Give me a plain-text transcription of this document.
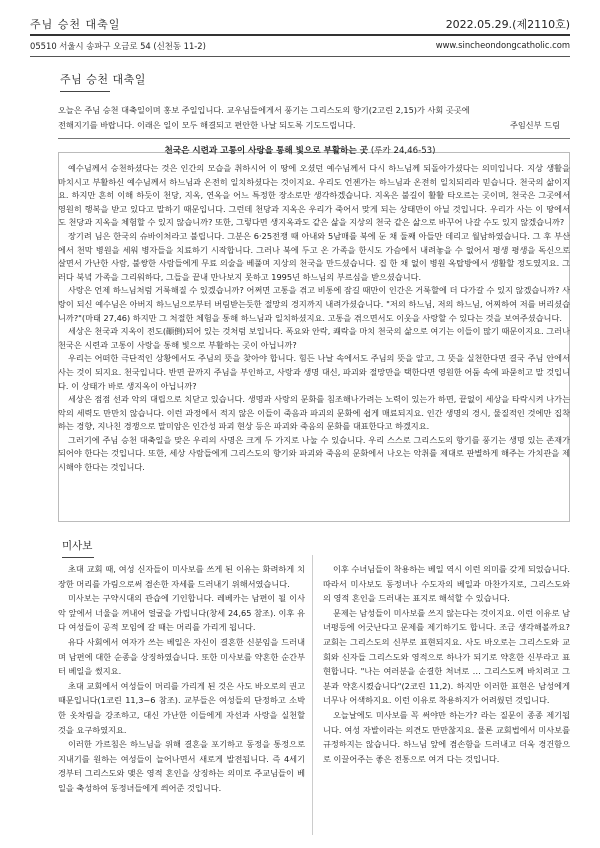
주님 승천 대축일	2022.05.29.(제2110호)
05510 서울시 송파구 오금로 54 (신천동 11-2)	www.sincheondongcatholic.com
주님 승천 대축일
오늘은 주님 승천 대축일이며 홍보 주일입니다. 교우님들에게서 풍기는 그리스도의 향기(2고린 2,15)가 사회 곳곳에
전해지기를 바랍니다. 이래은 일이 모두 해결되고 편안한 나날 되도록 기도드립니다.	주임신부 드림
천국은 시련과 고통이 사랑을 통해 빛으로 부활하는 곳 (루카 24,46-53)

예수님께서 승천하셨다는 것은 인간의 모습을 취하시어 이 땅에 오셨던 예수님께서 다시 하느님께 되돌아가셨다는 의미입니다. 지상 생활을 마치시고 부활하신 예수님께서 하느님과 온전히 일치하셨다는 것이지요. 우리도 언젠가는 하느님과 온전히 일치되리라 믿습니다. 천국의 삶이지요. 하지만 흔히 이해 하듯이 천당, 지옥, 연옥을 어느 특정한 장소로만 생각하겠습니다. 지옥은 불길이 활활 타오르는 곳이며, 천국은 그곳에서 영원히 행복을 받고 있다고 말하기 때문입니다. 그런데 천당과 지옥은 우리가 죽어서 맞게 되는 상태만이 아닐 것입니다. 우리가 사는 이 땅에서도 천당과 지옥을 체험할 수 있지 않습니까? 또한, 그렇다면 생지옥과도 같은 삶을 지상의 천국 같은 삶으로 바꾸어 나갈 수도 있지 않겠습니까?

장기려 님은 한국의 슈바이처라고 불립니다. 그분은 6·25전쟁 때 아내와 5남매를 북에 둔 채 둘째 아들만 데리고 월남하였습니다. 그 후 부산에서 천막 병원을 세워 병자들을 치료하기 시작합니다. 그러나 북에 두고 온 가족을 한시도 가슴에서 내려놓을 수 없어서 평생 평생을 독신으로 살면서 가난한 사람, 불쌍한 사람들에게 무료 의술을 베풀며 지상의 천국을 만드셨습니다. 집 한 채 없이 병원 옥탑방에서 생활할 정도였지요. 그러다 북녘 가족을 그리워하다, 그들을 끝내 만나보지 못하고 1995년 하느님의 부르심을 받으셨습니다.

사랑은 언제 하느님처럼 거룩해질 수 있겠습니까? 어쩌면 고통을 겪고 비통에 잠길 때만이 인간은 거룩할에 더 다가갈 수 있지 않겠습니까? 사랑이 되신 예수님은 아버지 하느님으로부터 버림받는듯한 절망의 경지까지 내려가셨습니다. "저의 하느님, 저의 하느님, 어찌하여 저를 버리셨습니까?"(마태 27,46) 하지만 그 처절한 체험을 통해 하느님과 일치하셨지요. 고통을 겪으면서도 이웃을 사랑할 수 있다는 것을 보여주셨습니다.

세상은 천국과 지옥이 전도(顚倒)되어 있는 것처럼 보입니다. 폭요와 안락, 쾌락을 마치 천국의 삶으로 여기는 이들이 많기 때문이지요. 그러나 천국은 시련과 고통이 사랑을 통해 빛으로 부활하는 곳이 아닙니까?

우리는 어떠한 극단적인 상황에서도 주님의 뜻을 찾아야 합니다. 힘든 나날 속에서도 주님의 뜻을 알고, 그 뜻을 실천한다면 결국 주님 안에서 사는 것이 되지요. 천국입니다. 반면 끝까지 주님을 부인하고, 사랑과 생명 대신, 파괴와 절망만을 택한다면 영원한 어둠 속에 파묻히고 말 것입니다. 이 상태가 바로 생지옥이 아닙니까?

세상은 점점 선과 악의 대립으로 치닫고 있습니다. 생명과 사랑의 문화를 침조해나가려는 노력이 있는가 하면, 끝없이 세상을 타락시켜 나가는 악의 세력도 만만치 않습니다. 이런 과정에서 적지 않은 이들이 죽음과 파괴의 문화에 쉽게 매료되지요. 인간 생명의 경시, 물질적인 것에만 집착하는 경향, 지나친 경쟁으로 말미암은 인간성 파괴 현상 등은 파괴와 죽음의 문화를 대표한다고 하겠지요.

그러기에 주님 승천 대축일을 맞은 우리의 사명은 크게 두 가지로 나눌 수 있습니다. 우리 스스로 그리스도의 향기를 풍기는 생명 있는 존재가 되어야 한다는 것입니다. 또한, 세상 사람들에게 그리스도의 향기와 파괴와 죽음의 문화에서 나오는 악취를 제대로 판별하게 해주는 가치관을 제시해야 한다는 것입니다.

미사보

초대 교회 때, 여성 신자들이 미사보를 쓰게 된 이유는 화려하게 치장한 머리를 가림으로써 겸손한 자세를 드러내기 위해서였습니다.

미사보는 구약시대의 관습에 기인합니다. 레베카는 남편이 될 이사악 앞에서 너울을 꺼내어 얼굴을 가립니다(창세 24,65 참조). 이후 유다 여성들이 공적 모임에 갈 때는 머리를 가리게 됩니다.

유다 사회에서 여자가 쓰는 베일은 자신이 결혼한 신분임을 드러내며 남편에 대한 순종을 상징하였습니다. 또한 미사보를 약혼한 순간부터 베일을 썼지요.

초대 교회에서 여성들이 머리를 가리게 된 것은 사도 바오로의 권고 때문입니다(1코린 11,3~6 참조). 교부들은 여성들의 단정하고 소박한 옷차림을 강조하고, 대신 가난한 이들에게 자선과 사랑을 실천할 것을 요구하였지요.

이러한 가르침은 하느님을 위해 결혼을 포기하고 동정을 통정으로 지내기를 원하는 여성들이 늘어나면서 새로게 발전됩니다. 즉 4세기경부터 그리스도와 맺은 영적 혼인을 상징하는 의미로 주교님들이 베일을 축성하여 동정녀들에게 씌어준 것입니다.

이후 수녀님들이 착용하는 베일 역시 이런 의미를 갖게 되었습니다. 따라서 미사보도 동정녀나 수도자의 베일과 마찬가지로, 그리스도와의 영적 혼인을 드러내는 표지로 해석할 수 있습니다.

문제는 남성들이 미사보를 쓰지 않는다는 것이지요. 이런 이유로 남녀평등에 어긋난다고 문제를 제기하기도 합니다. 조금 생각해볼까요? 교회는 그리스도의 신부로 표현되지요. 사도 바오로는 그리스도와 교회와 신자들 그리스도와 영적으로 하나가 되기로 약혼한 신부라고 표현합니다. "나는 여러분을 순결한 처녀로 … 그리스도께 바치려고 그분과 약혼시켰습니다"(2코린 11,2). 하지만 이러한 표현은 남성에게 너무나 어색하지요. 이런 이유로 착용하지가 어려웠던 것입니다.

오늘날에도 미사보를 꼭 써야만 하는가? 라는 질문이 종종 제기됩니다. 여성 자발이라는 의견도 만만찮지요. 물론 교회법에서 미사보를 규정하지는 않습니다. 하느님 앞에 겸손함을 드러내고 더욱 경건함으로 이끌어주는 좋은 전통으로 여겨 다는 것입니다.
